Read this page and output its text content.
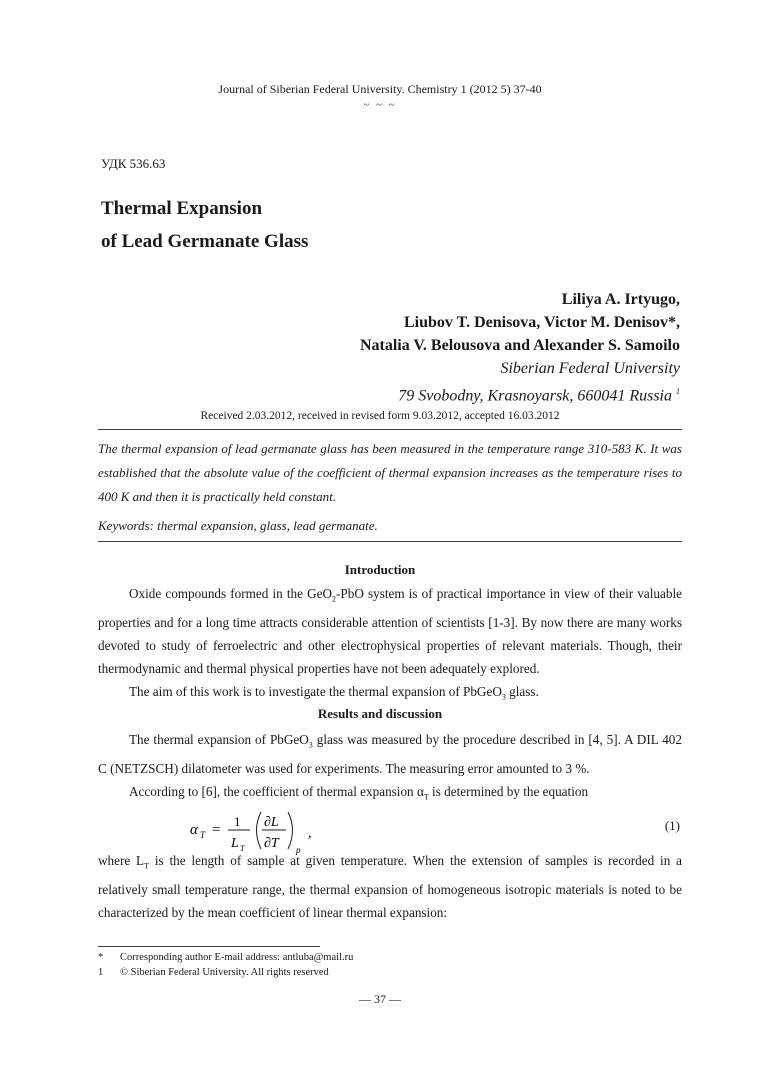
Journal of Siberian Federal University. Chemistry 1 (2012 5) 37-40
~ ~ ~
УДК 536.63
Thermal Expansion
of Lead Germanate Glass
Liliya A. Irtyugo,
Liubov T. Denisova, Victor M. Denisov*,
Natalia V. Belousova and Alexander S. Samoilo
Siberian Federal University
79 Svobodny, Krasnoyarsk, 660041 Russia $^1$
Received 2.03.2012, received in revised form 9.03.2012, accepted 16.03.2012
The thermal expansion of lead germanate glass has been measured in the temperature range 310-583 K. It was established that the absolute value of the coefficient of thermal expansion increases as the temperature rises to 400 K and then it is practically held constant.
Keywords: thermal expansion, glass, lead germanate.
Introduction

Oxide compounds formed in the GeO$_2$-PbO system is of practical importance in view of their valuable properties and for a long time attracts considerable attention of scientists [1-3]. By now there are many works devoted to study of ferroelectric and other electrophysical properties of relevant materials. Though, their thermodynamic and thermal physical properties have not been adequately explored.

The aim of this work is to investigate the thermal expansion of PbGeO$_3$ glass.

Results and discussion

The thermal expansion of PbGeO$_3$ glass was measured by the procedure described in [4, 5]. A DIL 402 C (NETZSCH) dilatometer was used for experiments. The measuring error amounted to 3 %.

According to [6], the coefficient of thermal expansion $\alpha_T$ is determined by the equation

α T =
1
L T
∂L
∂T p
,
(1)

where $L_T$ is the length of sample at given temperature. When the extension of samples is recorded in a relatively small temperature range, the thermal expansion of homogeneous isotropic materials is noted to be characterized by the mean coefficient of linear thermal expansion:

* Corresponding author E-mail address: antluba@mail.ru
1 © Siberian Federal University. All rights reserved
— 37 —
